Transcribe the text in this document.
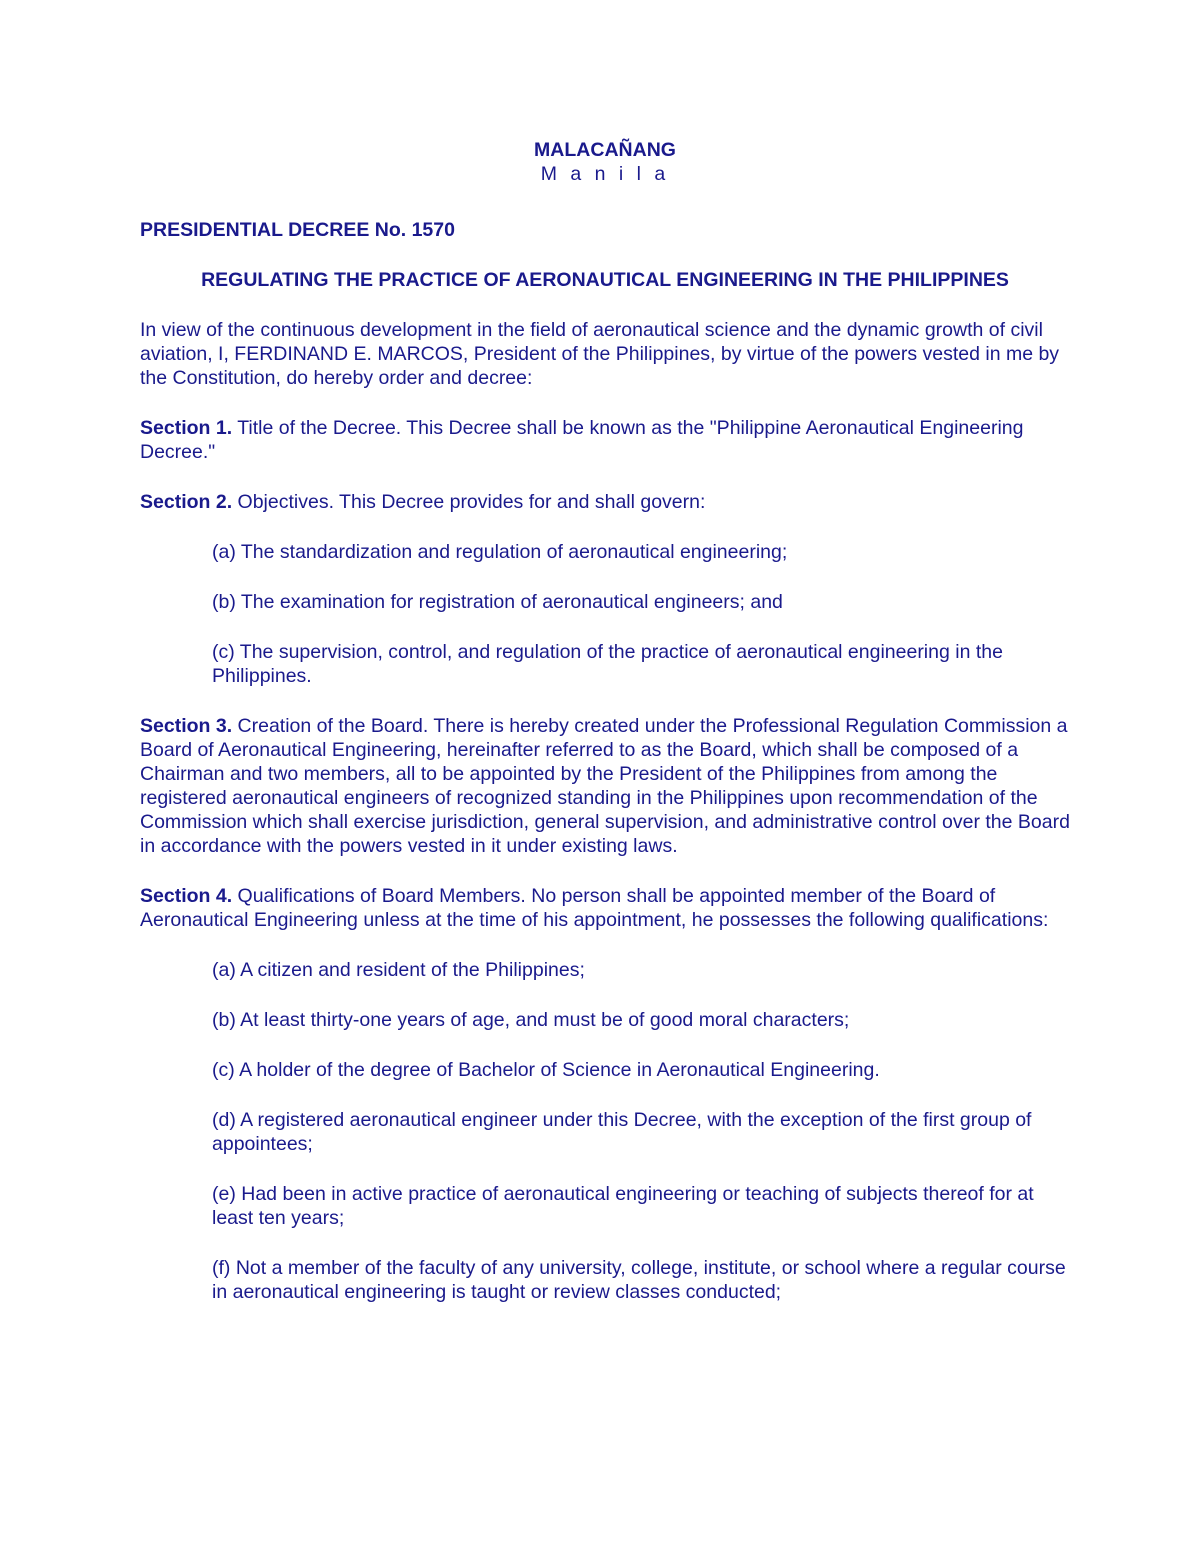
MALACAÑANG

M a n i l a

PRESIDENTIAL DECREE No. 1570

REGULATING THE PRACTICE OF AERONAUTICAL ENGINEERING IN THE PHILIPPINES

In view of the continuous development in the field of aeronautical science and the dynamic growth of civil aviation, I, FERDINAND E. MARCOS, President of the Philippines, by virtue of the powers vested in me by the Constitution, do hereby order and decree:

Section 1. Title of the Decree. This Decree shall be known as the "Philippine Aeronautical Engineering Decree."

Section 2. Objectives. This Decree provides for and shall govern:

(a) The standardization and regulation of aeronautical engineering;

(b) The examination for registration of aeronautical engineers; and

(c) The supervision, control, and regulation of the practice of aeronautical engineering in the Philippines.

Section 3. Creation of the Board. There is hereby created under the Professional Regulation Commission a Board of Aeronautical Engineering, hereinafter referred to as the Board, which shall be composed of a Chairman and two members, all to be appointed by the President of the Philippines from among the registered aeronautical engineers of recognized standing in the Philippines upon recommendation of the Commission which shall exercise jurisdiction, general supervision, and administrative control over the Board in accordance with the powers vested in it under existing laws.

Section 4. Qualifications of Board Members. No person shall be appointed member of the Board of Aeronautical Engineering unless at the time of his appointment, he possesses the following qualifications:

(a) A citizen and resident of the Philippines;

(b) At least thirty-one years of age, and must be of good moral characters;

(c) A holder of the degree of Bachelor of Science in Aeronautical Engineering.

(d) A registered aeronautical engineer under this Decree, with the exception of the first group of appointees;

(e) Had been in active practice of aeronautical engineering or teaching of subjects thereof for at least ten years;

(f) Not a member of the faculty of any university, college, institute, or school where a regular course in aeronautical engineering is taught or review classes conducted;
